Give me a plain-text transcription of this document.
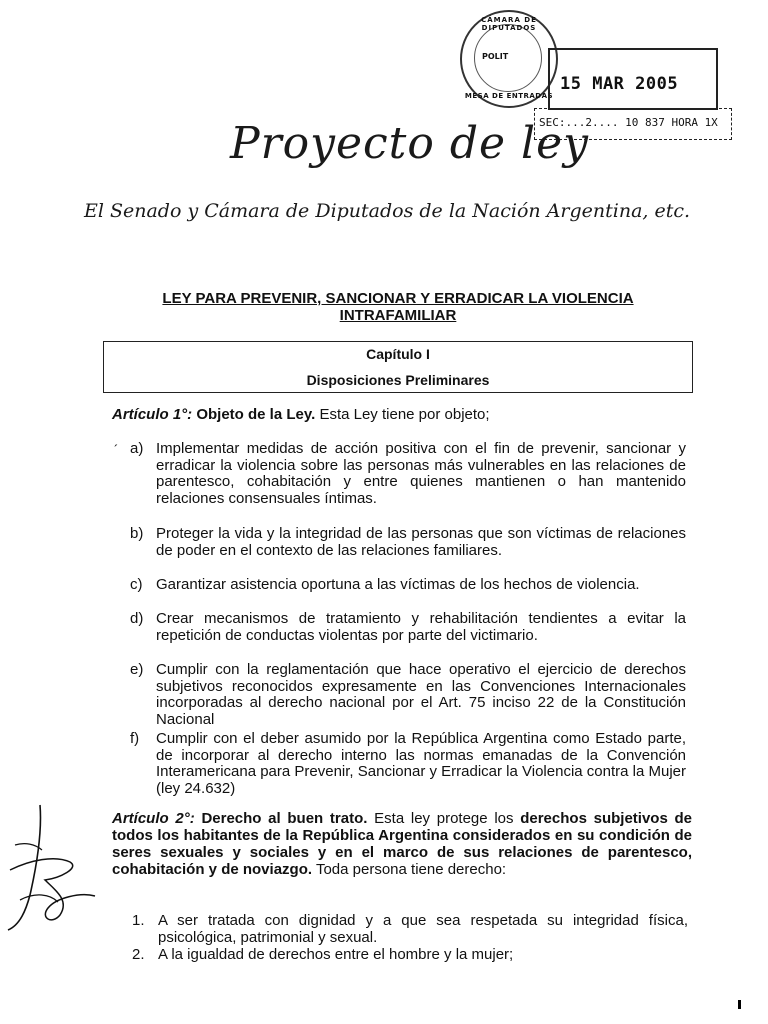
CÁMARA DE DIPUTADOS
POLIT
MESA DE ENTRADAS
15 MAR 2005
SEC:...2.... 10 837 HORA 1X
Proyecto de ley
El Senado y Cámara de Diputados de la Nación Argentina, etc.
LEY PARA PREVENIR, SANCIONAR Y ERRADICAR LA VIOLENCIA INTRAFAMILIAR
Capítulo I
Disposiciones Preliminares
Artículo 1°: Objeto de la Ley. Esta Ley tiene por objeto;
´ a) Implementar medidas de acción positiva con el fin de prevenir, sancionar y erradicar la violencia sobre las personas más vulnerables en las relaciones de parentesco, cohabitación y entre quienes mantienen o han mantenido relaciones consensuales íntimas.
b) Proteger la vida y la integridad de las personas que son víctimas de relaciones de poder en el contexto de las relaciones familiares.
c) Garantizar asistencia oportuna a las víctimas de los hechos de violencia.
d) Crear mecanismos de tratamiento y rehabilitación tendientes a evitar la repetición de conductas violentas por parte del victimario.
e) Cumplir con la reglamentación que hace operativo el ejercicio de derechos subjetivos reconocidos expresamente en las Convenciones Internacionales incorporadas al derecho nacional por el Art. 75 inciso 22 de la Constitución Nacional
f) Cumplir con el deber asumido por la República Argentina como Estado parte, de incorporar al derecho interno las normas emanadas de la Convención Interamericana para Prevenir, Sancionar y Erradicar la Violencia contra la Mujer (ley 24.632)
Artículo 2°: Derecho al buen trato. Esta ley protege los derechos subjetivos de todos los habitantes de la República Argentina considerados en su condición de seres sexuales y sociales y en el marco de sus relaciones de parentesco, cohabitación y de noviazgo. Toda persona tiene derecho:
1. A ser tratada con dignidad y a que sea respetada su integridad física, psicológica, patrimonial y sexual.
2. A la igualdad de derechos entre el hombre y la mujer;
